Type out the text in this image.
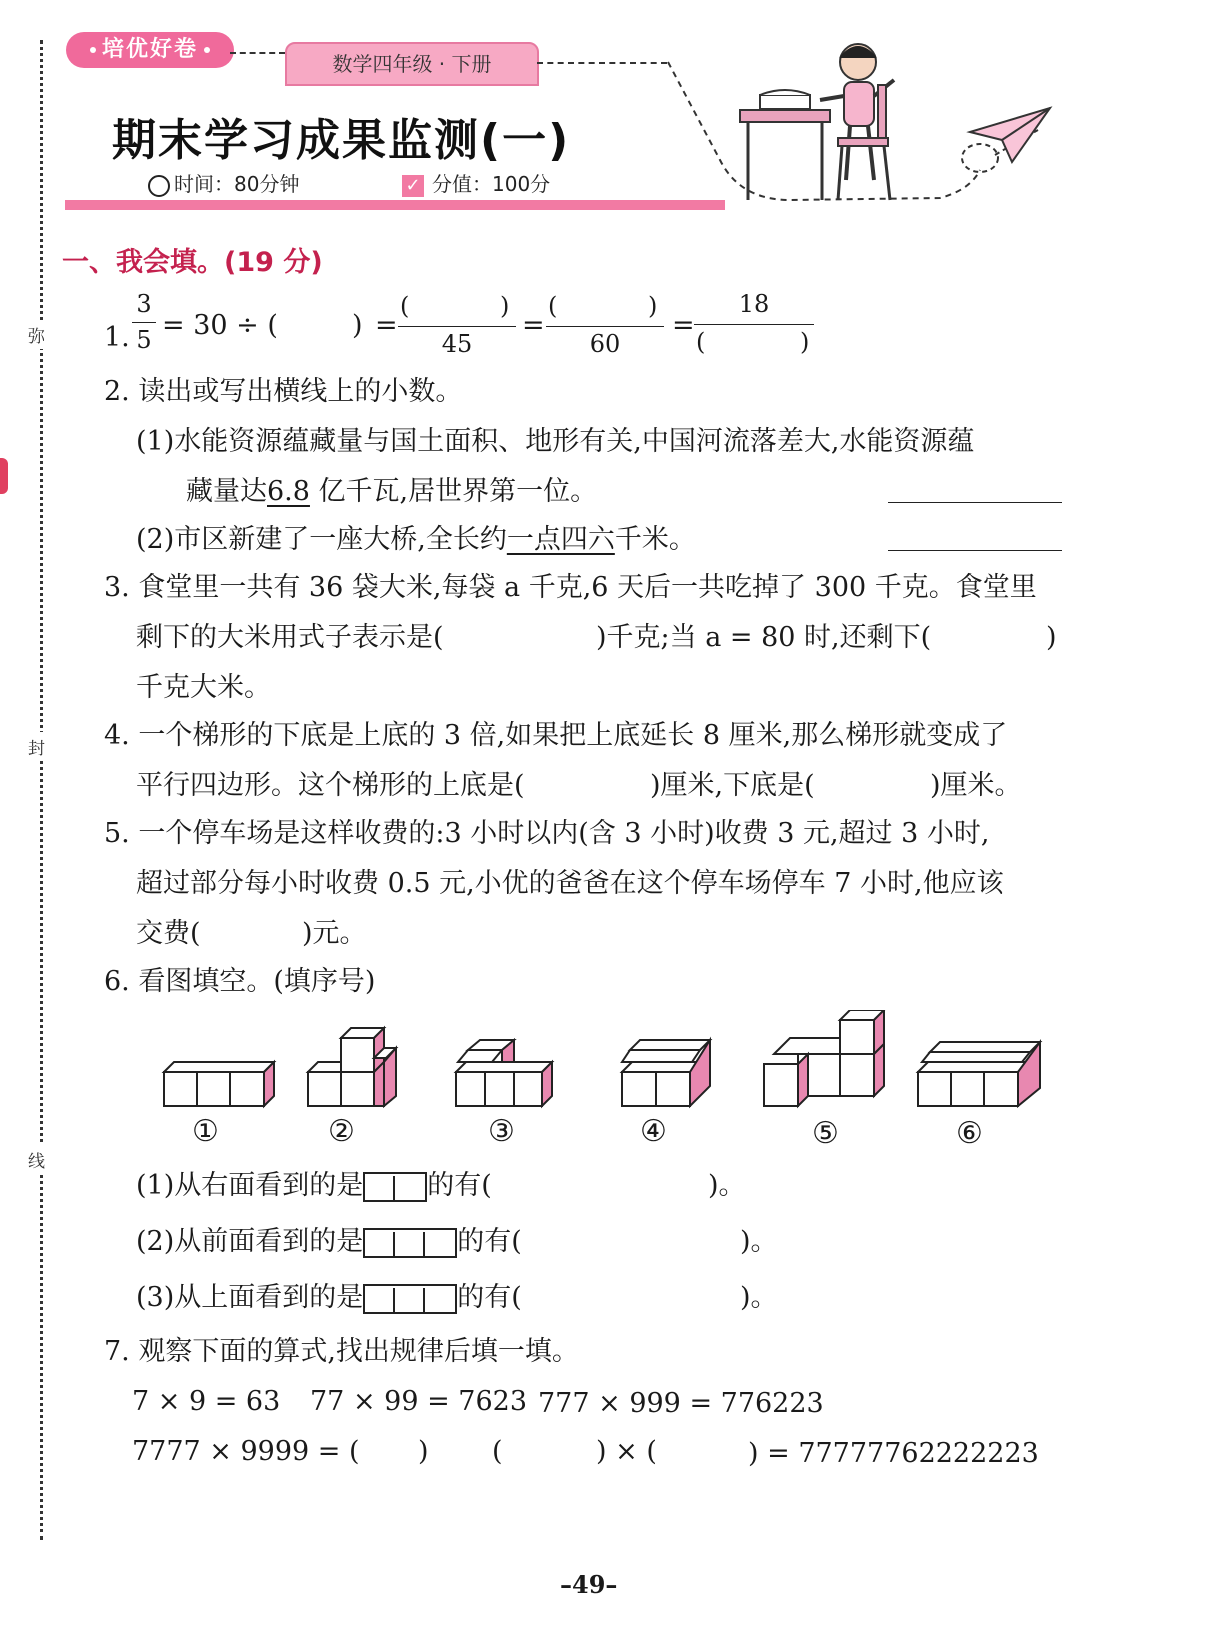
弥
封
线
培优好卷
数学四年级 · 下册
期末学习成果监测(一)
时间：80分钟	✓ 分值：100分
一、我会填。(19 分)
1.
3
5 = 30 ÷ (	) =
(	)
45
=
(	)
60
=
18
(	)
2. 读出或写出横线上的小数。
(1)水能资源蕴藏量与国土面积、地形有关,中国河流落差大,水能资源蕴
藏量达6.8 亿千瓦,居世界第一位。
(2)市区新建了一座大桥,全长约一点四六千米。
3. 食堂里一共有 36 袋大米,每袋 a 千克,6 天后一共吃掉了 300 千克。食堂里
剩下的大米用式子表示是(	)千克;当 a = 80 时,还剩下(	)
千克大米。
4. 一个梯形的下底是上底的 3 倍,如果把上底延长 8 厘米,那么梯形就变成了
平行四边形。这个梯形的上底是(	)厘米,下底是(	)厘米。
5. 一个停车场是这样收费的:3 小时以内(含 3 小时)收费 3 元,超过 3 小时,
超过部分每小时收费 0.5 元,小优的爸爸在这个停车场停车 7 小时,他应该
交费(	)元。
6. 看图填空。(填序号)
①	②	③	④	⑤	⑥
(1)从右面看到的是 的有(	)。
(2)从前面看到的是	的有(	)。
(3)从上面看到的是	的有(	)。
7. 观察下面的算式,找出规律后填一填。
7 × 9 = 63 77 × 99 = 7623 777 × 999 = 776223
7777 × 9999 = ( ) (	) × (	) = 77777762222223
–49–
